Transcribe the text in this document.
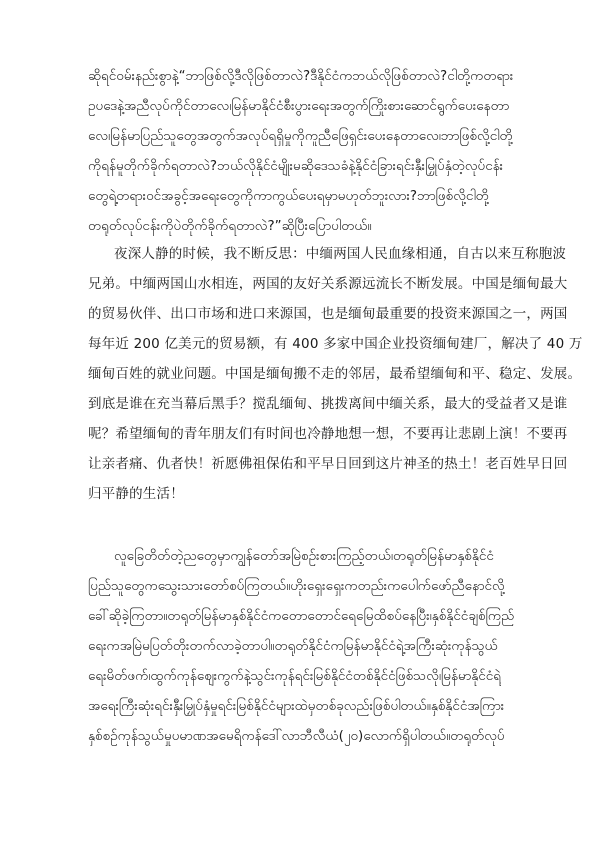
ဆိုရင်ဝမ်းနည်းစွာနဲ့“ဘာဖြစ်လို့ဒီလိုဖြစ်တာလဲ?ဒီနိုင်ငံကဘယ်လိုဖြစ်တာလဲ?ငါတို့ကတရား
ဥပဒေနဲ့အညီလုပ်ကိုင်တာလေ၊မြန်မာနိုင်ငံစီးပွားရေးအတွက်ကြိုးစားဆောင်ရွက်ပေးနေတာ
လေ၊မြန်မာပြည်သူတွေအတွက်အလုပ်ရရှိမှုကိုကူညီဖြေရှင်းပေးနေတာလေ၊ဘာဖြစ်လို့ငါတို့
ကိုရန်မူတိုက်ခိုက်ရတာလဲ?ဘယ်လိုနိုင်ငံမျိုးမဆိုဒေသခံနဲ့နိုင်ငံခြားရင်းနှီးမြှုပ်နှံတဲ့လုပ်ငန်း
တွေရဲ့တရားဝင်အခွင့်အရေးတွေကိုကာကွယ်ပေးရမှာမဟုတ်ဘူးလား?ဘာဖြစ်လို့ငါတို့
တရုတ်လုပ်ငန်းကိုပဲတိုက်ခိုက်ရတာလဲ?”ဆိုပြီးပြောပါတယ်။
夜深人静的时候，我不断反思：中缅两国人民血缘相通，自古以来互称胞波
兄弟。中缅两国山水相连，两国的友好关系源远流长不断发展。中国是缅甸最大
的贸易伙伴、出口市场和进口来源国，也是缅甸最重要的投资来源国之一，两国
每年近 200 亿美元的贸易额，有 400 多家中国企业投资缅甸建厂，解决了 40 万
缅甸百姓的就业问题。中国是缅甸搬不走的邻居，最希望缅甸和平、稳定、发展。
到底是谁在充当幕后黑手？搅乱缅甸、挑拨离间中缅关系，最大的受益者又是谁
呢？希望缅甸的青年朋友们有时间也冷静地想一想，不要再让悲剧上演！不要再
让亲者痛、仇者快！祈愿佛祖保佑和平早日回到这片神圣的热土！老百姓早日回
归平静的生活！
လူခြေတိတ်တဲ့ညတွေမှာကျွန်တော်အမြဲစဉ်းစားကြည့်တယ်၊တရုတ်မြန်မာနှစ်နိုင်ငံ
ပြည်သူတွေကသွေးသားတော်စပ်ကြတယ်။ဟိုးရှေးရှေးကတည်းကပေါက်ဖော်ညီနောင်လို့
ခေါ်ဆိုခဲ့ကြတာ။တရုတ်မြန်မာနှစ်နိုင်ငံကတောတောင်ရေမြေထိစပ်နေပြီး၊နှစ်နိုင်ငံချစ်ကြည်
ရေးကအမြဲမပြတ်တိုးတက်လာခဲ့တာပါ။တရုတ်နိုင်ငံကမြန်မာနိုင်ငံရဲ့အကြီးဆုံးကုန်သွယ်
ရေးမိတ်ဖက်၊ထွက်ကုန်ဈေးကွက်နဲ့သွင်းကုန်ရင်းမြစ်နိုင်ငံတစ်နိုင်ငံဖြစ်သလို၊မြန်မာနိုင်ငံရဲ့
အရေးကြီးဆုံးရင်းနှီးမြှုပ်နှံမှုရင်းမြစ်နိုင်ငံများထဲမှတစ်ခုလည်းဖြစ်ပါတယ်။နှစ်နိုင်ငံအကြား
နှစ်စဉ်ကုန်သွယ်မှုပမာဏအမေရိကန်ဒေါ်လာဘီလီယံ(၂၀)လောက်ရှိပါတယ်။တရုတ်လုပ်
